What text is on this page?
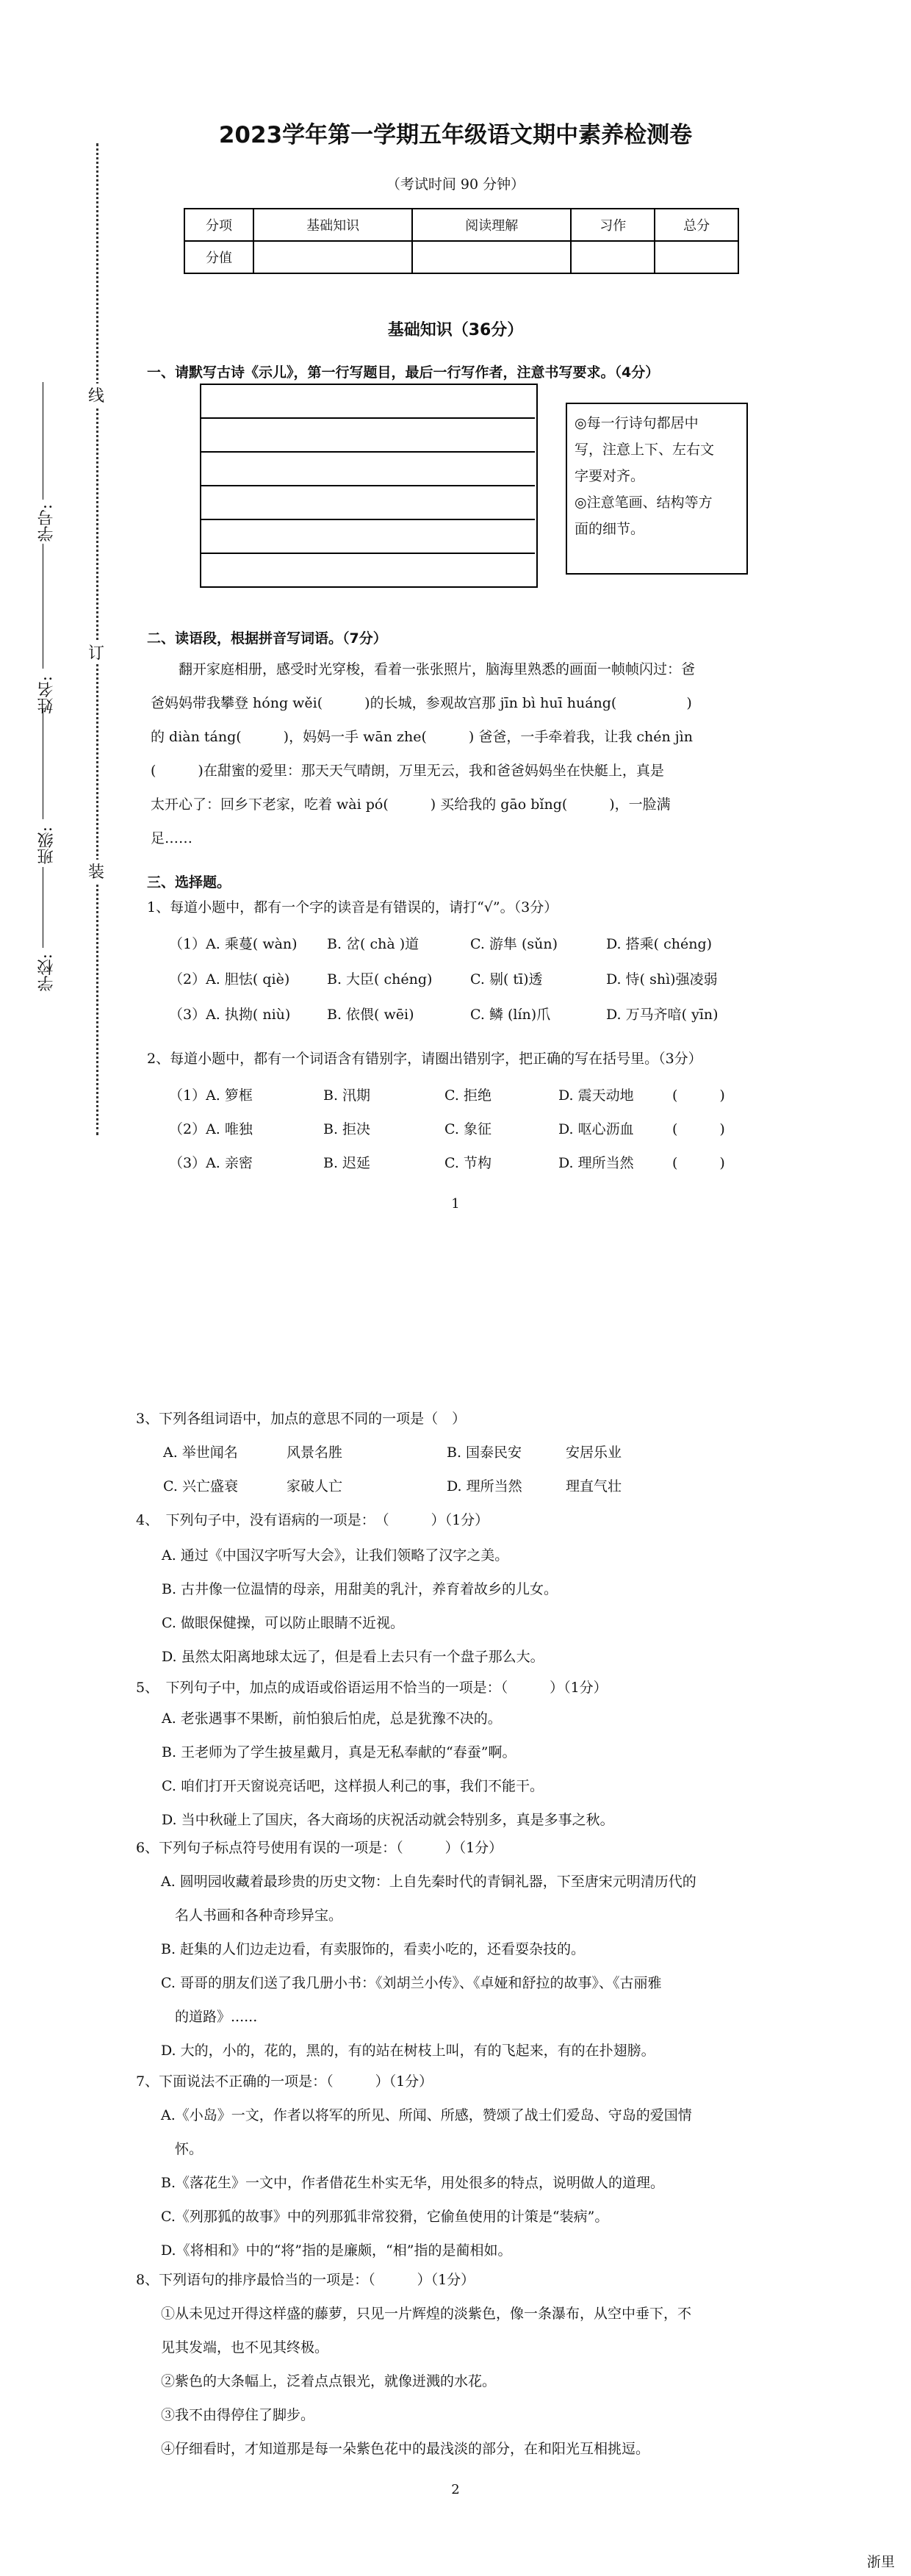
2023学年第一学期五年级语文期中素养检测卷
（考试时间 90 分钟）
分项	基础知识	阅读理解	习作	总分
分值				
线
订
装
学号:
姓名:
班级:
学校:
基础知识（36分）
一、请默写古诗《示儿》，第一行写题目，最后一行写作者，注意书写要求。（4分）
◎每一行诗句都居中
写，注意上下、左右文
字要对齐。
◎注意笔画、结构等方
面的细节。
二、读语段，根据拼音写词语。（7分）
　　翻开家庭相册，感受时光穿梭，看着一张张照片，脑海里熟悉的画面一帧帧闪过：爸
爸妈妈带我攀登 hóng wěi(　　　)的长城，参观故宫那 jīn bì huī huáng(　　　　　)
的 diàn táng(　　　)，妈妈一手 wān zhe(　　　) 爸爸，一手牵着我，让我 chén jìn
(　　　)在甜蜜的爱里：那天天气晴朗，万里无云，我和爸爸妈妈坐在快艇上，真是
太开心了：回乡下老家，吃着 wài pó(　　　) 买给我的 gāo bǐng(　　　)，一脸满
足……
三、选择题。
1、每道小题中，都有一个字的读音是有错误的，请打“√”。（3分）
（1）A. 乘蔓( wàn) B. 岔( chà )道	C. 游隼 (sǔn)	D. 搭乘( chéng)
（2）A. 胆怯( qiè)	B. 大臣( chéng)	C. 剔( tī)透	D. 恃( shì)强凌弱
（3）A. 执拗( niù)	B. 依偎( wēi)	C. 鳞 (lín)爪	D. 万马齐喑( yīn)
2、每道小题中，都有一个词语含有错别字，请圈出错别字，把正确的写在括号里。（3分）
（1）A. 箩框	B. 汛期	C. 拒绝	D. 震天动地	(　　　)
（2）A. 唯独	B. 拒决	C. 象征	D. 呕心沥血	(　　　)
（3）A. 亲密	B. 迟延	C. 节构	D. 理所当然	(　　　)
1
3、下列各组词语中，加点的意思不同的一项是（　）
A. 举世闻名	风景名胜	B. 国泰民安	安居乐业
C. 兴亡盛衰	家破人亡	D. 理所当然	理直气壮
4、　下列句子中，没有语病的一项是：　（　　　）（1分）
A. 通过《中国汉字听写大会》，让我们领略了汉字之美。
B. 古井像一位温情的母亲，用甜美的乳汁，养育着故乡的儿女。
C. 做眼保健操，可以防止眼睛不近视。
D. 虽然太阳离地球太远了，但是看上去只有一个盘子那么大。
5、　下列句子中，加点的成语或俗语运用不恰当的一项是：（　　　）（1分）
A. 老张遇事不果断，前怕狼后怕虎，总是犹豫不决的。
B. 王老师为了学生披星戴月，真是无私奉献的“春蚕”啊。
C. 咱们打开天窗说亮话吧，这样损人利己的事，我们不能干。
D. 当中秋碰上了国庆，各大商场的庆祝活动就会特别多，真是多事之秋。
6、下列句子标点符号使用有误的一项是：（　　　）（1分）
　A. 圆明园收藏着最珍贵的历史文物：上自先秦时代的青铜礼器，下至唐宋元明清历代的
　　名人书画和各种奇珍异宝。
　B. 赶集的人们边走边看，有卖服饰的，看卖小吃的，还看耍杂技的。
　C. 哥哥的朋友们送了我几册小书：《刘胡兰小传》、《卓娅和舒拉的故事》、《古丽雅
　　的道路》......
　D. 大的，小的，花的，黑的，有的站在树枝上叫，有的飞起来，有的在扑翅膀。
7、下面说法不正确的一项是：（　　　）（1分）
　A.《小岛》一文，作者以将军的所见、所闻、所感，赞颂了战士们爱岛、守岛的爱国情
　　怀。
　B.《落花生》一文中，作者借花生朴实无华，用处很多的特点，说明做人的道理。
　C.《列那狐的故事》中的列那狐非常狡猾，它偷鱼使用的计策是“装病”。
　D.《将相和》中的“将”指的是廉颇，“相”指的是蔺相如。
8、下列语句的排序最恰当的一项是：（　　　）（1分）
　①从未见过开得这样盛的藤萝，只见一片辉煌的淡紫色，像一条瀑布，从空中垂下，不
　见其发端，也不见其终极。
　②紫色的大条幅上，泛着点点银光，就像迸溅的水花。
　③我不由得停住了脚步。
　④仔细看时，才知道那是每一朵紫色花中的最浅淡的部分，在和阳光互相挑逗。
2
浙里
